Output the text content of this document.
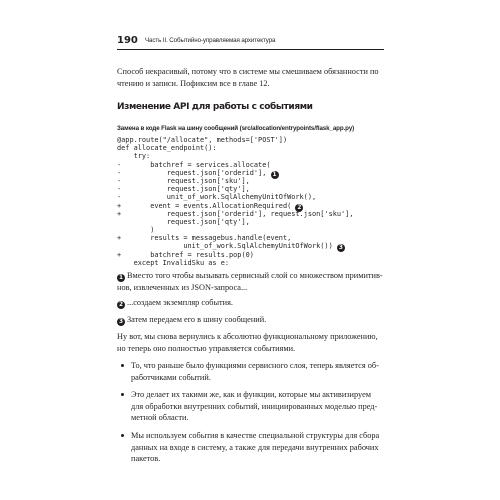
190 Часть II. Событийно-управляемая архитектура

Способ некрасивый, потому что в системе мы смешиваем обязанности по

чтению и записи. Пофиксим все в главе 12.

Изменение API для работы с событиями
Замена в коде Flask на шину сообщений (src/allocation/entrypoints/flask_app.py)
@app.route("/allocate", methods=['POST'])
def allocate_endpoint():
try:
-       batchref = services.allocate(
-           request.json['orderid'], 1
-           request.json['sku'],
-           request.json['qty'],
-           unit_of_work.SqlAlchemyUnitOfWork(),
+       event = events.AllocationRequired( 2
+           request.json['orderid'], request.json['sku'],
request.json['qty'],
)
+       results = messagebus.handle(event,
unit_of_work.SqlAlchemyUnitOfWork()) 3
+       batchref = results.pop(0)
except InvalidSku as e:
1 Вместо того чтобы вызывать сервисный слой со множеством примитив-
нов, извлеченных из JSON-запроса...
2 ...создаем экземпляр события.
3 Затем передаем его в шину сообщений.

Ну вот, мы снова вернулись к абсолютно функциональному приложению,

но теперь оно полностью управляется событиями.

То, что раньше было функциями сервисного слоя, теперь является об-
работчиками событий.
Это делает их такими же, как и функции, которые мы активизируем
для обработки внутренних событий, инициированных моделью пред-
метной области.
Мы используем события в качестве специальной структуры для сбора
данных на входе в систему, а также для передачи внутренних рабочих
пакетов.
